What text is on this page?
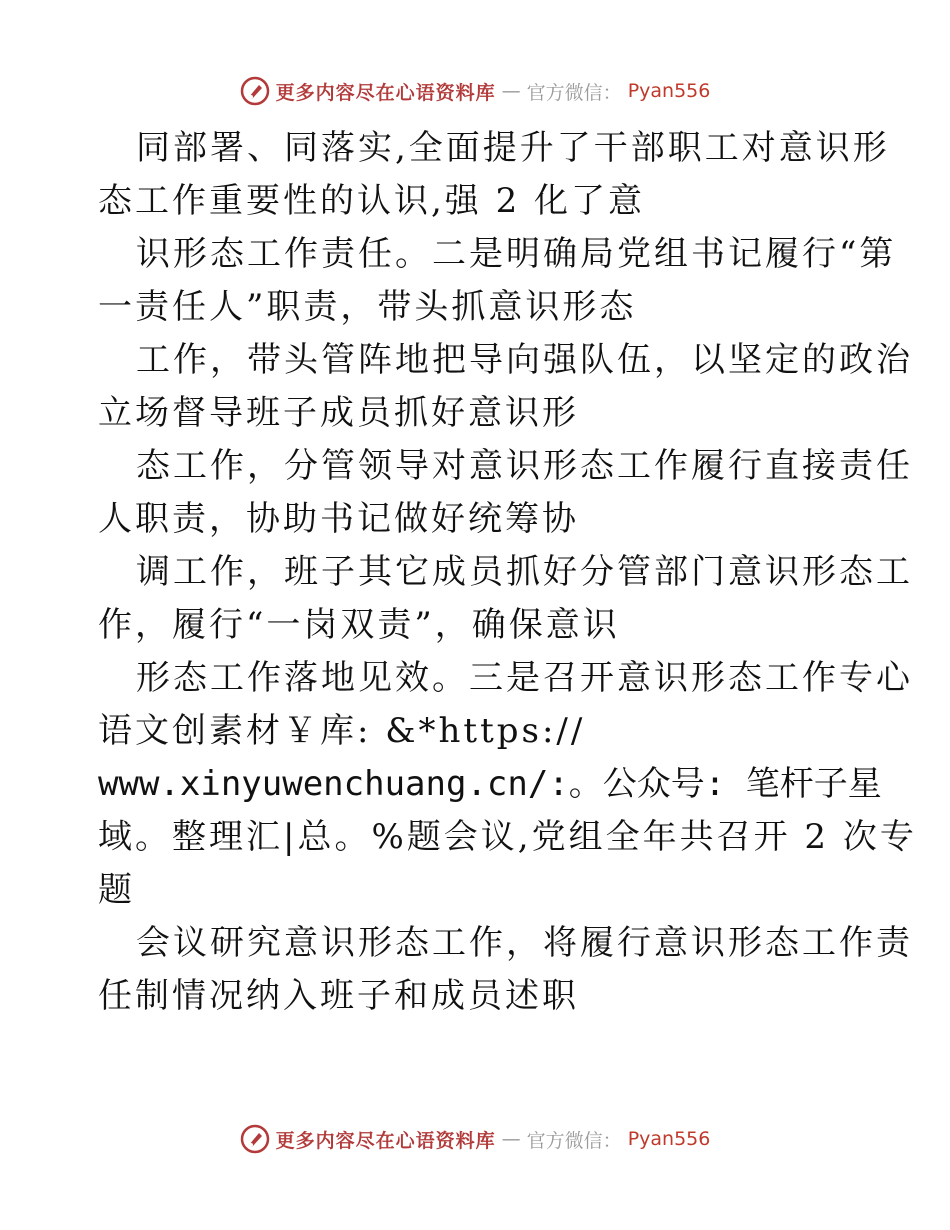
更多内容尽在心语资料库 — 官方微信： Pyan556
同部署、同落实,全面提升了干部职工对意识形
态工作重要性的认识,强 2 化了意
识形态工作责任。二是明确局党组书记履行“第
一责任人”职责，带头抓意识形态
工作，带头管阵地把导向强队伍，以坚定的政治
立场督导班子成员抓好意识形
态工作，分管领导对意识形态工作履行直接责任
人职责，协助书记做好统筹协
调工作，班子其它成员抓好分管部门意识形态工
作，履行“一岗双责”，确保意识
形态工作落地见效。三是召开意识形态工作专心
语文创素材￥库: &*https://
www.xinyuwenchuang.cn/:。公众号: 笔杆子星
域。整理汇|总。%题会议,党组全年共召开 2 次专
题
会议研究意识形态工作，将履行意识形态工作责
任制情况纳入班子和成员述职
更多内容尽在心语资料库 — 官方微信： Pyan556
